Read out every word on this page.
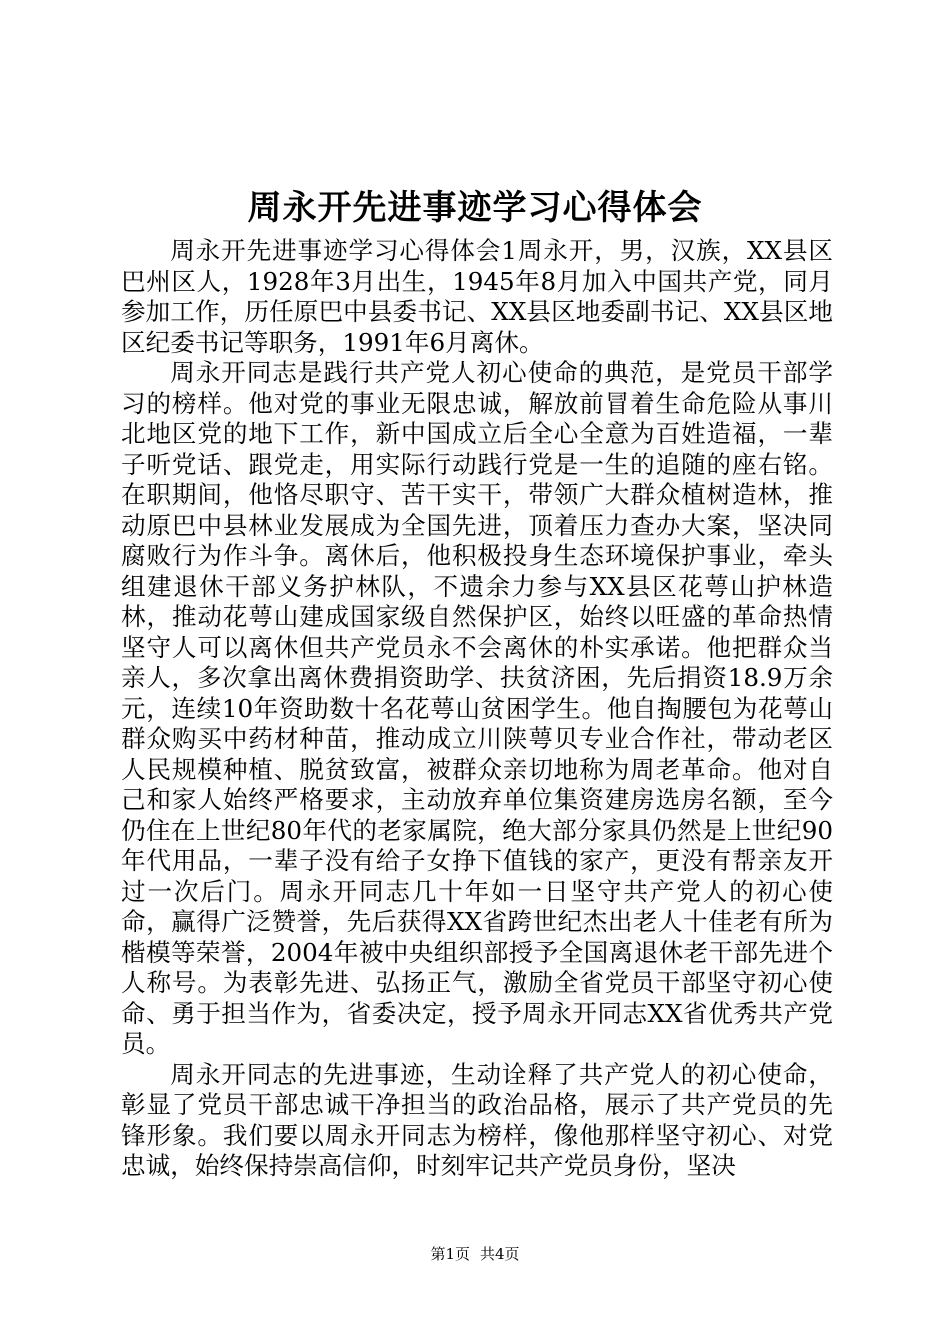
周永开先进事迹学习心得体会

周永开先进事迹学习心得体会1周永开，男，汉族，XX县区巴州区人，1928年3月出生，1945年8月加入中国共产党，同月参加工作，历任原巴中县委书记、XX县区地委副书记、XX县区地区纪委书记等职务，1991年6月离休。

周永开同志是践行共产党人初心使命的典范，是党员干部学习的榜样。他对党的事业无限忠诚，解放前冒着生命危险从事川北地区党的地下工作，新中国成立后全心全意为百姓造福，一辈子听党话、跟党走，用实际行动践行党是一生的追随的座右铭。在职期间，他恪尽职守、苦干实干，带领广大群众植树造林，推动原巴中县林业发展成为全国先进，顶着压力查办大案，坚决同腐败行为作斗争。离休后，他积极投身生态环境保护事业，牵头组建退休干部义务护林队，不遗余力参与XX县区花萼山护林造林，推动花萼山建成国家级自然保护区，始终以旺盛的革命热情坚守人可以离休但共产党员永不会离休的朴实承诺。他把群众当亲人，多次拿出离休费捐资助学、扶贫济困，先后捐资18.9万余元，连续10年资助数十名花萼山贫困学生。他自掏腰包为花萼山群众购买中药材种苗，推动成立川陕萼贝专业合作社，带动老区人民规模种植、脱贫致富，被群众亲切地称为周老革命。他对自己和家人始终严格要求，主动放弃单位集资建房选房名额，至今仍住在上世纪80年代的老家属院，绝大部分家具仍然是上世纪90年代用品，一辈子没有给子女挣下值钱的家产，更没有帮亲友开过一次后门。周永开同志几十年如一日坚守共产党人的初心使命，赢得广泛赞誉，先后获得XX省跨世纪杰出老人十佳老有所为楷模等荣誉，2004年被中央组织部授予全国离退休老干部先进个人称号。为表彰先进、弘扬正气，激励全省党员干部坚守初心使命、勇于担当作为，省委决定，授予周永开同志XX省优秀共产党员。

周永开同志的先进事迹，生动诠释了共产党人的初心使命，彰显了党员干部忠诚干净担当的政治品格，展示了共产党员的先锋形象。我们要以周永开同志为榜样，像他那样坚守初心、对党忠诚，始终保持崇高信仰，时刻牢记共产党员身份，坚决

第1页 共4页
